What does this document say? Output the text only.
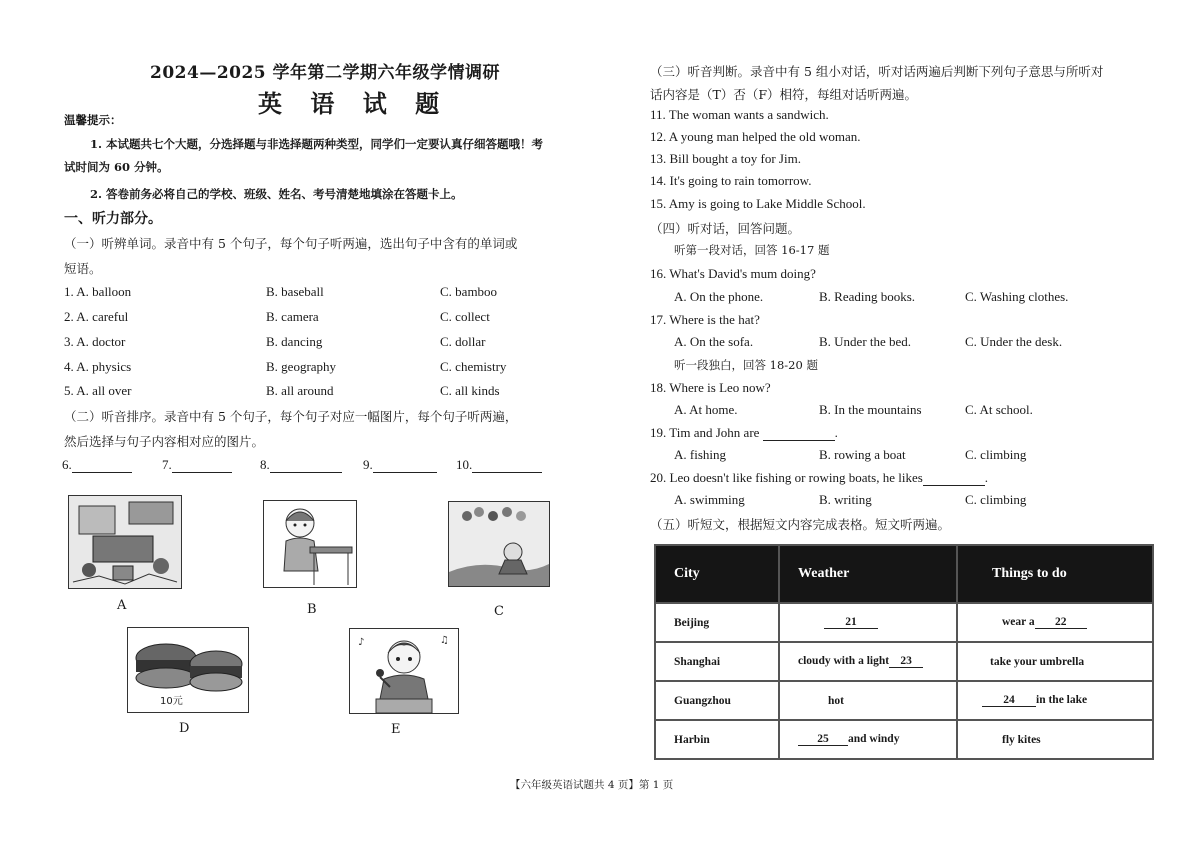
2024—2025 学年第二学期六年级学情调研
英 语 试 题
温馨提示：
1. 本试题共七个大题，分选择题与非选择题两种类型，同学们一定要认真仔细答题哦！考
试时间为 60 分钟。
2. 答卷前务必将自己的学校、班级、姓名、考号清楚地填涂在答题卡上。
一、听力部分。
（一）听辨单词。录音中有 5 个句子，每个句子听两遍，选出句子中含有的单词或
短语。
1. A. balloon	B. baseball	C. bamboo
2. A. careful	B. camera	C. collect
3. A. doctor	B. dancing	C. dollar
4. A. physics	B. geography	C. chemistry
5. A. all over	B. all around	C. all kinds
（二）听音排序。录音中有 5 个句子，每个句子对应一幅图片，每个句子听两遍，
然后选择与句子内容相对应的图片。
6.	7.	8.	9.	10.
A	B	C
10元
D
♪	♫
E
（三）听音判断。录音中有 5 组小对话，听对话两遍后判断下列句子意思与所听对
话内容是（T）否（F）相符，每组对话听两遍。
11. The woman wants a sandwich.
12. A young man helped the old woman.
13. Bill bought a toy for Jim.
14. It's going to rain tomorrow.
15. Amy is going to Lake Middle School.
（四）听对话，回答问题。
听第一段对话，回答 16-17 题
16. What's David's mum doing?
A. On the phone.	B. Reading books.	C. Washing clothes.
17. Where is the hat?
A. On the sofa.	B. Under the bed.	C. Under the desk.
听一段独白，回答 18-20 题
18. Where is Leo now?
A. At home.	B. In the mountains	C. At school.
19. Tim and John are	.
A. fishing	B. rowing a boat	C. climbing
20. Leo doesn't like fishing or rowing boats, he likes	.
A. swimming	B. writing	C. climbing
（五）听短文，根据短文内容完成表格。短文听两遍。
City	Weather	Things to do
Beijing	21	wear a 22
Shanghai	cloudy with a light 23	take your umbrella
Guangzhou	hot	24 in the lake
Harbin	25 and windy	fly kites
【六年级英语试题共 4 页】第 1 页
